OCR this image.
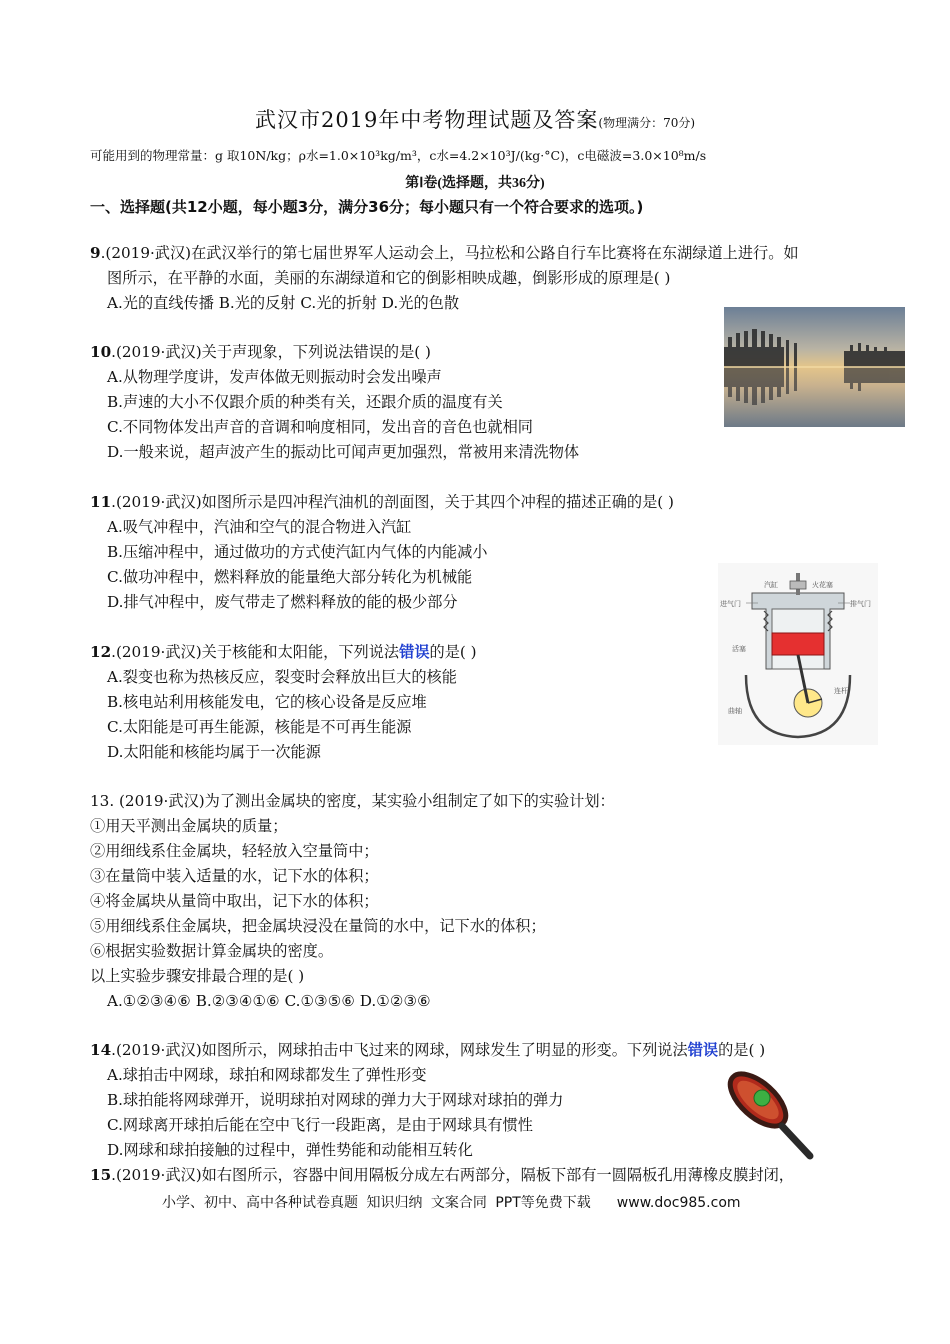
武汉市2019年中考物理试题及答案(物理满分：70分)
可能用到的物理常量：g 取10N/kg；ρ水=1.0×10³kg/m³，c水=4.2×10³J/(kg·°C)，c电磁波=3.0×10⁸m/s
第Ⅰ卷(选择题，共36分)
一、选择题(共12小题，每小题3分，满分36分；每小题只有一个符合要求的选项。)
9.(2019·武汉)在武汉举行的第七届世界军人运动会上，马拉松和公路自行车比赛将在东湖绿道上进行。如
图所示，在平静的水面，美丽的东湖绿道和它的倒影相映成趣，倒影形成的原理是( )
A.光的直线传播 B.光的反射 C.光的折射 D.光的色散
10.(2019·武汉)关于声现象，下列说法错误的是( )
A.从物理学度讲，发声体做无则振动时会发出噪声
B.声速的大小不仅跟介质的种类有关，还跟介质的温度有关
C.不同物体发出声音的音调和响度相同，发出音的音色也就相同
D.一般来说，超声波产生的振动比可闻声更加强烈，常被用来清洗物体
11.(2019·武汉)如图所示是四冲程汽油机的剖面图，关于其四个冲程的描述正确的是( )
A.吸气冲程中，汽油和空气的混合物进入汽缸
B.压缩冲程中，通过做功的方式使汽缸内气体的内能减小
C.做功冲程中，燃料释放的能量绝大部分转化为机械能
D.排气冲程中，废气带走了燃料释放的能的极少部分
12.(2019·武汉)关于核能和太阳能，下列说法错误的是( )
A.裂变也称为热核反应，裂变时会释放出巨大的核能
B.核电站利用核能发电，它的核心设备是反应堆
C.太阳能是可再生能源，核能是不可再生能源
D.太阳能和核能均属于一次能源
13. (2019·武汉)为了测出金属块的密度，某实验小组制定了如下的实验计划：
①用天平测出金属块的质量；
②用细线系住金属块，轻轻放入空量筒中；
③在量筒中装入适量的水，记下水的体积；
④将金属块从量筒中取出，记下水的体积；
⑤用细线系住金属块，把金属块浸没在量筒的水中，记下水的体积；
⑥根据实验数据计算金属块的密度。
以上实验步骤安排最合理的是( )
A.①②③④⑥ B.②③④①⑥ C.①③⑤⑥ D.①②③⑥
14.(2019·武汉)如图所示，网球拍击中飞过来的网球，网球发生了明显的形变。下列说法错误的是( )
A.球拍击中网球，球拍和网球都发生了弹性形变
B.球拍能将网球弹开，说明球拍对网球的弹力大于网球对球拍的弹力
C.网球离开球拍后能在空中飞行一段距离，是由于网球具有惯性
D.网球和球拍接触的过程中，弹性势能和动能相互转化
15.(2019·武汉)如右图所示，容器中间用隔板分成左右两部分，隔板下部有一圆隔板孔用薄橡皮膜封闭，
小学、初中、高中各种试卷真题 知识归纳 文案合同 PPT等免费下载 www.doc985.com
进气门	排气门
汽缸	火花塞
活塞
连杆
曲轴
